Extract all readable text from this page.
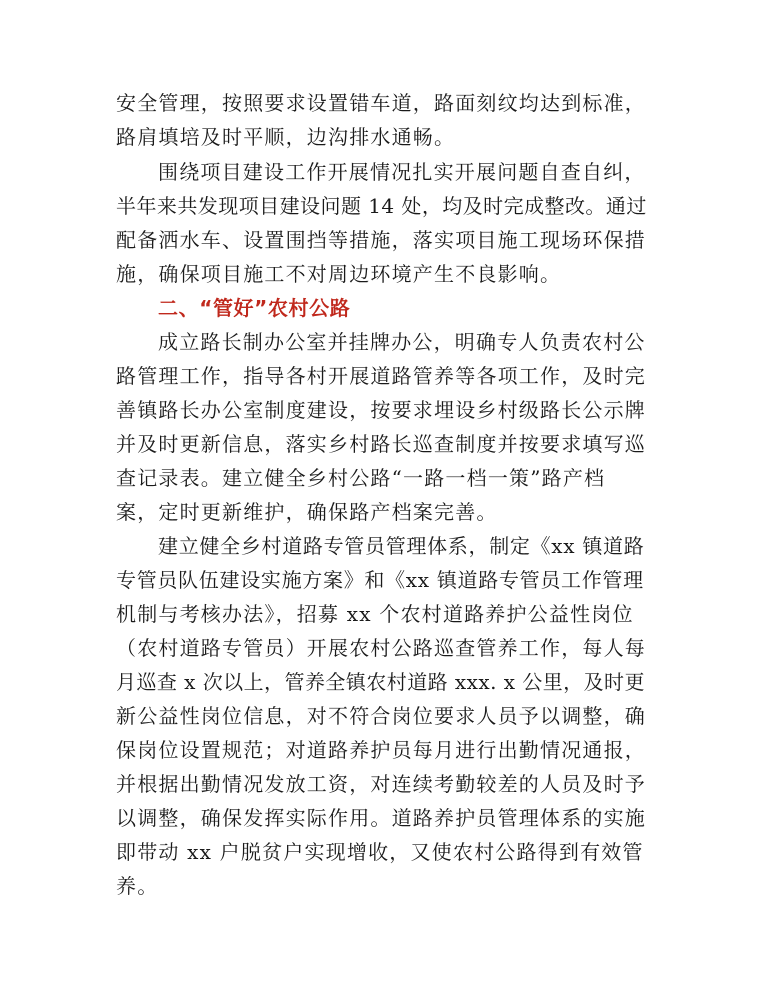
安全管理，按照要求设置错车道，路面刻纹均达到标准，

路肩填培及时平顺，边沟排水通畅。

围绕项目建设工作开展情况扎实开展问题自查自纠，

半年来共发现项目建设问题 14 处，均及时完成整改。通过

配备洒水车、设置围挡等措施，落实项目施工现场环保措

施，确保项目施工不对周边环境产生不良影响。

二、“管好”农村公路

成立路长制办公室并挂牌办公，明确专人负责农村公

路管理工作，指导各村开展道路管养等各项工作，及时完

善镇路长办公室制度建设，按要求埋设乡村级路长公示牌

并及时更新信息，落实乡村路长巡查制度并按要求填写巡

查记录表。建立健全乡村公路“一路一档一策”路产档

案，定时更新维护，确保路产档案完善。

建立健全乡村道路专管员管理体系，制定《xx 镇道路

专管员队伍建设实施方案》和《xx 镇道路专管员工作管理

机制与考核办法》，招募 xx 个农村道路养护公益性岗位

（农村道路专管员）开展农村公路巡查管养工作，每人每

月巡查 x 次以上，管养全镇农村道路 xxx. x 公里，及时更

新公益性岗位信息，对不符合岗位要求人员予以调整，确

保岗位设置规范；对道路养护员每月进行出勤情况通报，

并根据出勤情况发放工资，对连续考勤较差的人员及时予

以调整，确保发挥实际作用。道路养护员管理体系的实施

即带动 xx 户脱贫户实现增收，又使农村公路得到有效管

养。
